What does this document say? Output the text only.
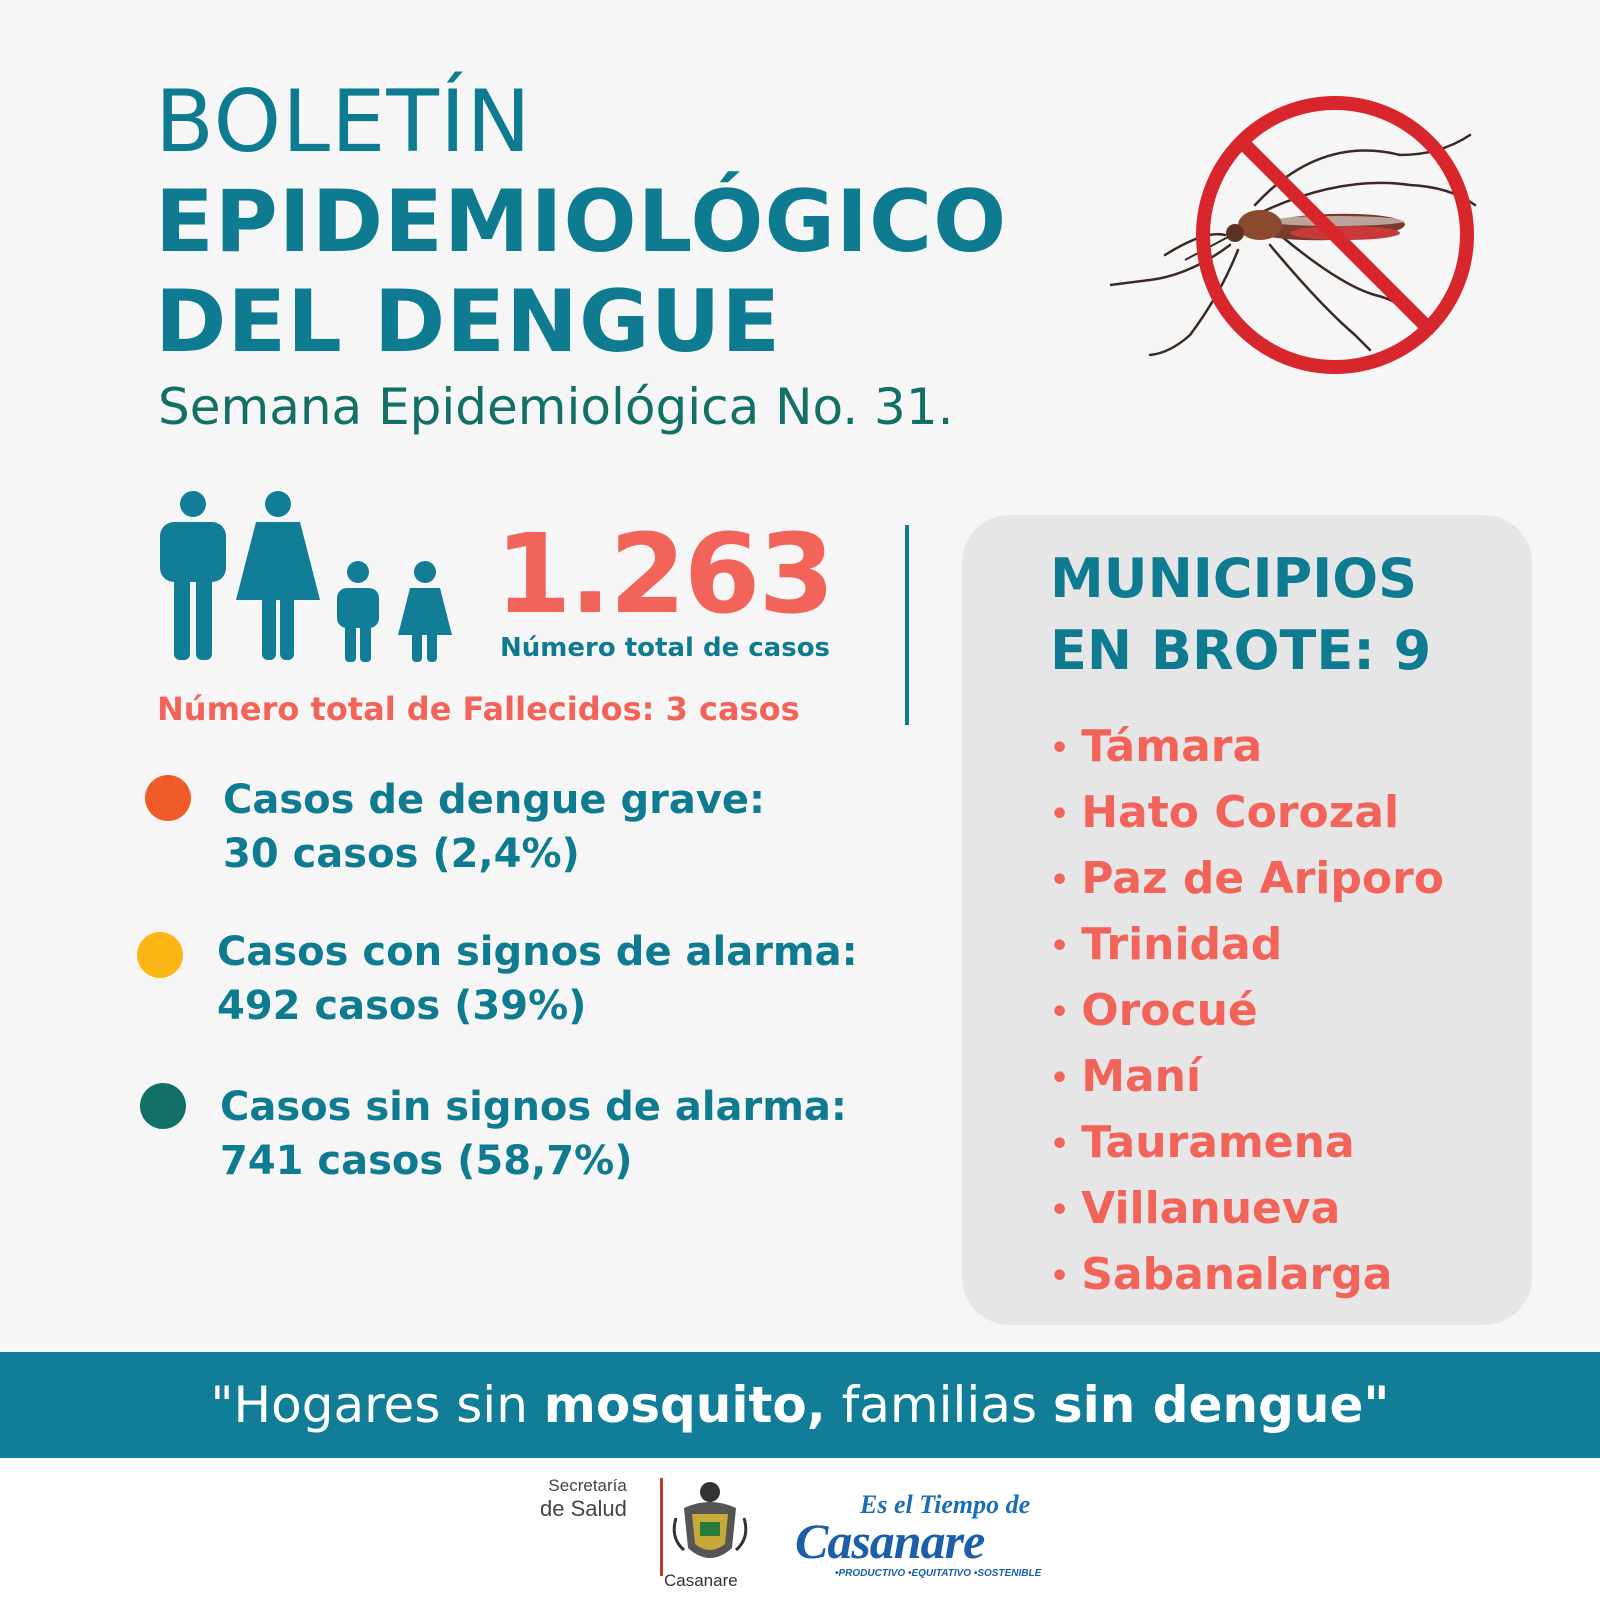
BOLETÍN
EPIDEMIOLÓGICO
DEL DENGUE
Semana Epidemiológica No. 31.
1.263
Número total de casos
Número total de Fallecidos: 3 casos
Casos de dengue grave:
30 casos (2,4%)
Casos con signos de alarma:
492 casos (39%)
Casos sin signos de alarma:
741 casos (58,7%)
MUNICIPIOS
EN BROTE: 9
• Támara
• Hato Corozal
• Paz de Ariporo
• Trinidad
• Orocué
• Maní
• Tauramena
• Villanueva
• Sabanalarga
"Hogares sin mosquito, familias sin dengue"
Secretaría
de Salud
Casanare
Es el Tiempo de
Casanare
•PRODUCTIVO •EQUITATIVO •SOSTENIBLE
